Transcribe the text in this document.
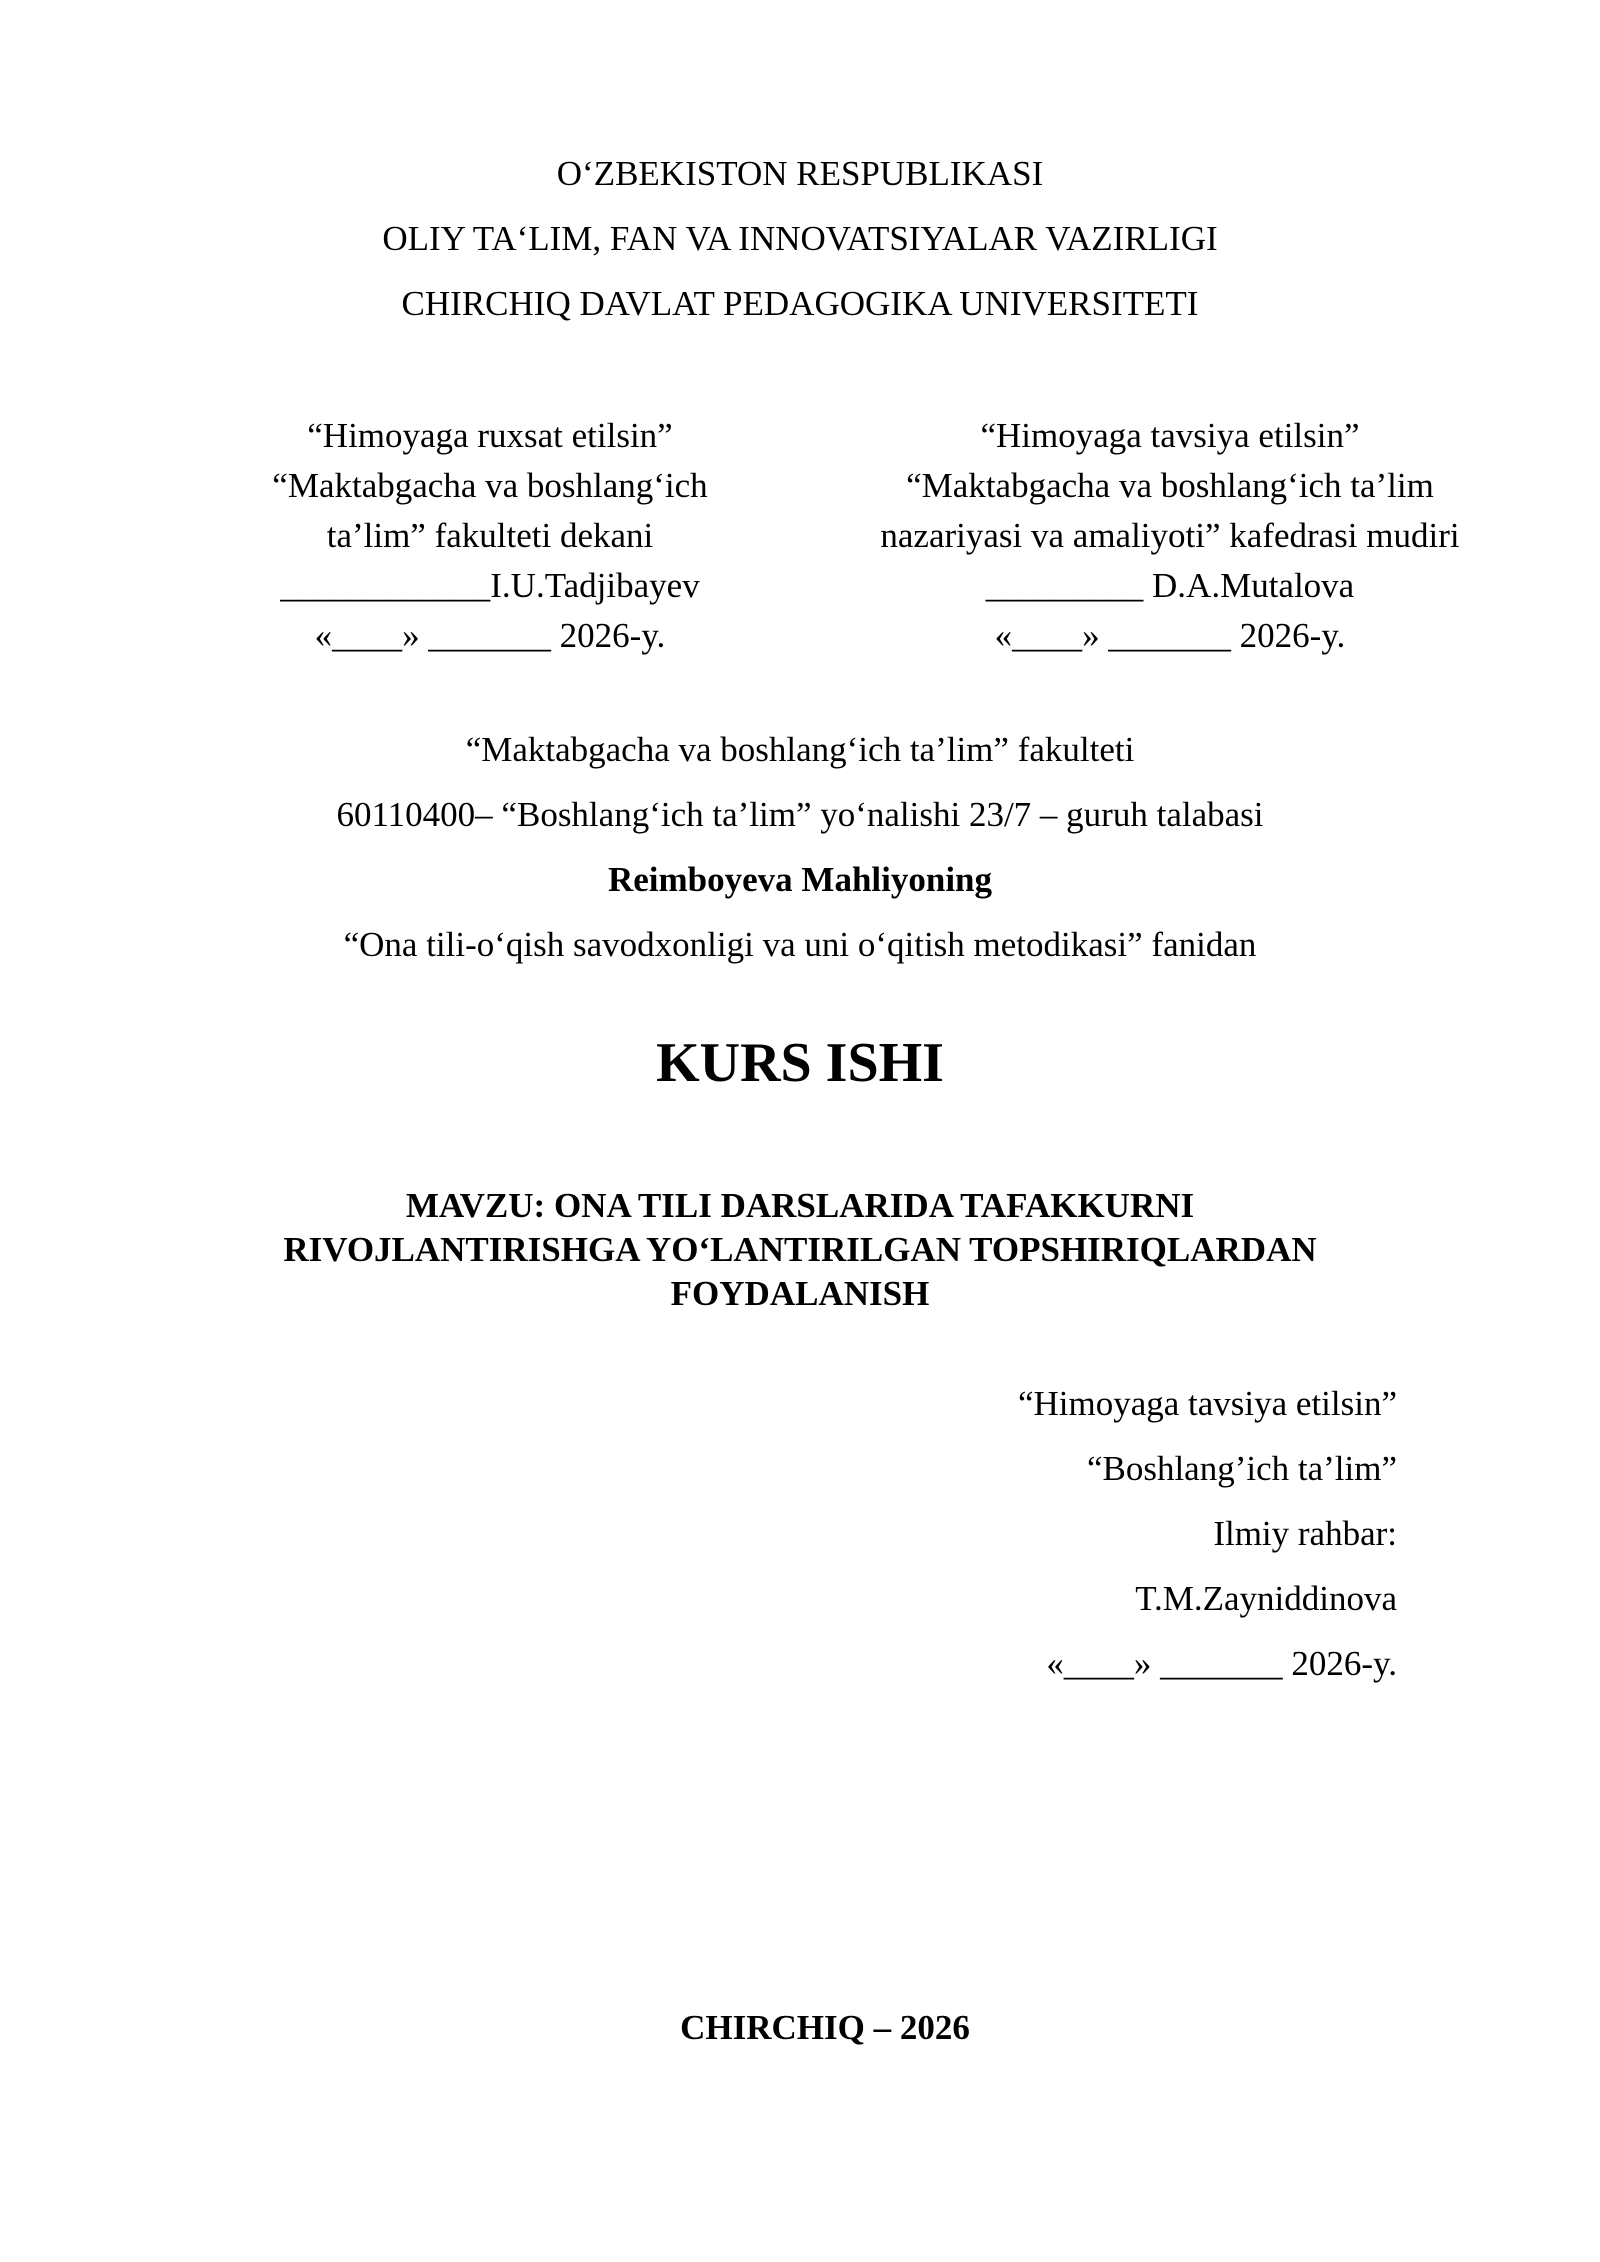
O‘ZBEKISTON RESPUBLIKASI
OLIY TA‘LIM, FAN VA INNOVATSIYALAR VAZIRLIGI
CHIRCHIQ DAVLAT PEDAGOGIKA UNIVERSITETI
“Himoyaga ruxsat etilsin”
“Maktabgacha va boshlang‘ich
ta’lim” fakulteti dekani
____________I.U.Tadjibayev
«____» _______ 2026-y.
“Himoyaga tavsiya etilsin”
“Maktabgacha va boshlang‘ich ta’lim
nazariyasi va amaliyoti” kafedrasi mudiri
_________ D.A.Mutalova
«____» _______ 2026-y.
“Maktabgacha va boshlang‘ich ta’lim” fakulteti
60110400– “Boshlang‘ich ta’lim” yo‘nalishi 23/7 – guruh talabasi
Reimboyeva Mahliyoning
“Ona tili-o‘qish savodxonligi va uni o‘qitish metodikasi” fanidan
KURS ISHI
MAVZU: ONA TILI DARSLARIDA TAFAKKURNI
RIVOJLANTIRISHGA YO‘LANTIRILGAN TOPSHIRIQLARDAN
FOYDALANISH
“Himoyaga tavsiya etilsin”
“Boshlang’ich ta’lim”
Ilmiy rahbar:
T.M.Zayniddinova
«____» _______ 2026-y.
CHIRCHIQ – 2026
